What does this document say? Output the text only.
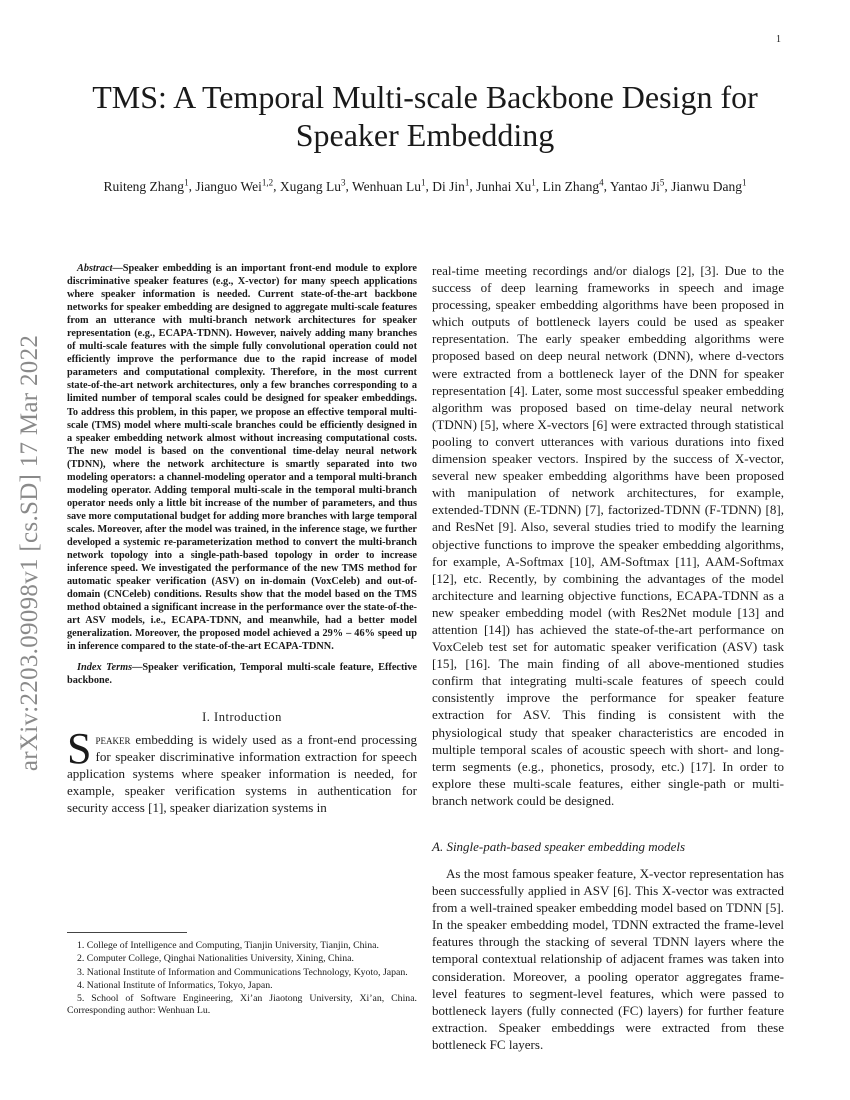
1
arXiv:2203.09098v1 [cs.SD] 17 Mar 2022
TMS: A Temporal Multi-scale Backbone Design for Speaker Embedding
Ruiteng Zhang$^1$, Jianguo Wei$^{1,2}$, Xugang Lu$^3$, Wenhuan Lu$^1$, Di Jin$^1$, Junhai Xu$^1$, Lin Zhang$^4$, Yantao Ji$^5$, Jianwu Dang$^1$

Abstract—Speaker embedding is an important front-end module to explore discriminative speaker features (e.g., X-vector) for many speech applications where speaker information is needed. Current state-of-the-art backbone networks for speaker embedding are designed to aggregate multi-scale features from an utterance with multi-branch network architectures for speaker representation (e.g., ECAPA-TDNN). However, naively adding many branches of multi-scale features with the simple fully convolutional operation could not efficiently improve the performance due to the rapid increase of model parameters and computational complexity. Therefore, in the most current state-of-the-art network architectures, only a few branches corresponding to a limited number of temporal scales could be designed for speaker embeddings. To address this problem, in this paper, we propose an effective temporal multi-scale (TMS) model where multi-scale branches could be efficiently designed in a speaker embedding network almost without increasing computational costs. The new model is based on the conventional time-delay neural network (TDNN), where the network architecture is smartly separated into two modeling operators: a channel-modeling operator and a temporal multi-branch modeling operator. Adding temporal multi-scale in the temporal multi-branch operator needs only a little bit increase of the number of parameters, and thus save more computational budget for adding more branches with large temporal scales. Moreover, after the model was trained, in the inference stage, we further developed a systemic re-parameterization method to convert the multi-branch network topology into a single-path-based topology in order to increase inference speed. We investigated the performance of the new TMS method for automatic speaker verification (ASV) on in-domain (VoxCeleb) and out-of-domain (CNCeleb) conditions. Results show that the model based on the TMS method obtained a significant increase in the performance over the state-of-the-art ASV models, i.e., ECAPA-TDNN, and meanwhile, had a better model generalization. Moreover, the proposed model achieved a 29% – 46% speed up in inference compared to the state-of-the-art ECAPA-TDNN.

Index Terms—Speaker verification, Temporal multi-scale feature, Effective backbone.

I. Introduction

Speaker embedding is widely used as a front-end processing for speaker discriminative information extraction for speech application systems where speaker information is needed, for example, speaker verification systems in authentication for security access [1], speaker diarization systems in

1. College of Intelligence and Computing, Tianjin University, Tianjin, China.

2. Computer College, Qinghai Nationalities University, Xining, China.

3. National Institute of Information and Communications Technology, Kyoto, Japan.

4. National Institute of Informatics, Tokyo, Japan.

5. School of Software Engineering, Xi’an Jiaotong University, Xi’an, China. Corresponding author: Wenhuan Lu.

real-time meeting recordings and/or dialogs [2], [3]. Due to the success of deep learning frameworks in speech and image processing, speaker embedding algorithms have been proposed in which outputs of bottleneck layers could be used as speaker representation. The early speaker embedding algorithms were proposed based on deep neural network (DNN), where d-vectors were extracted from a bottleneck layer of the DNN for speaker representation [4]. Later, some most successful speaker embedding algorithm was proposed based on time-delay neural network (TDNN) [5], where X-vectors [6] were extracted through statistical pooling to convert utterances with various durations into fixed dimension speaker vectors. Inspired by the success of X-vector, several new speaker embedding algorithms have been proposed with manipulation of network architectures, for example, extended-TDNN (E-TDNN) [7], factorized-TDNN (F-TDNN) [8], and ResNet [9]. Also, several studies tried to modify the learning objective functions to improve the speaker embedding algorithms, for example, A-Softmax [10], AM-Softmax [11], AAM-Softmax [12], etc. Recently, by combining the advantages of the model architecture and learning objective functions, ECAPA-TDNN as a new speaker embedding model (with Res2Net module [13] and attention [14]) has achieved the state-of-the-art performance on VoxCeleb test set for automatic speaker verification (ASV) task [15], [16]. The main finding of all above-mentioned studies confirm that integrating multi-scale features of speech could consistently improve the performance for speaker feature extraction for ASV. This finding is consistent with the physiological study that speaker characteristics are encoded in multiple temporal scales of acoustic speech with short- and long-term segments (e.g., phonetics, prosody, etc.) [17]. In order to explore these multi-scale features, either single-path or multi-branch network could be designed.

A. Single-path-based speaker embedding models

As the most famous speaker feature, X-vector representation has been successfully applied in ASV [6]. This X-vector was extracted from a well-trained speaker embedding model based on TDNN [5]. In the speaker embedding model, TDNN extracted the frame-level features through the stacking of several TDNN layers where the temporal contextual relationship of adjacent frames was taken into consideration. Moreover, a pooling operator aggregates frame-level features to segment-level features, which were passed to bottleneck layers (fully connected (FC) layers) for further feature extraction. Speaker embeddings were extracted from these bottleneck FC layers.
